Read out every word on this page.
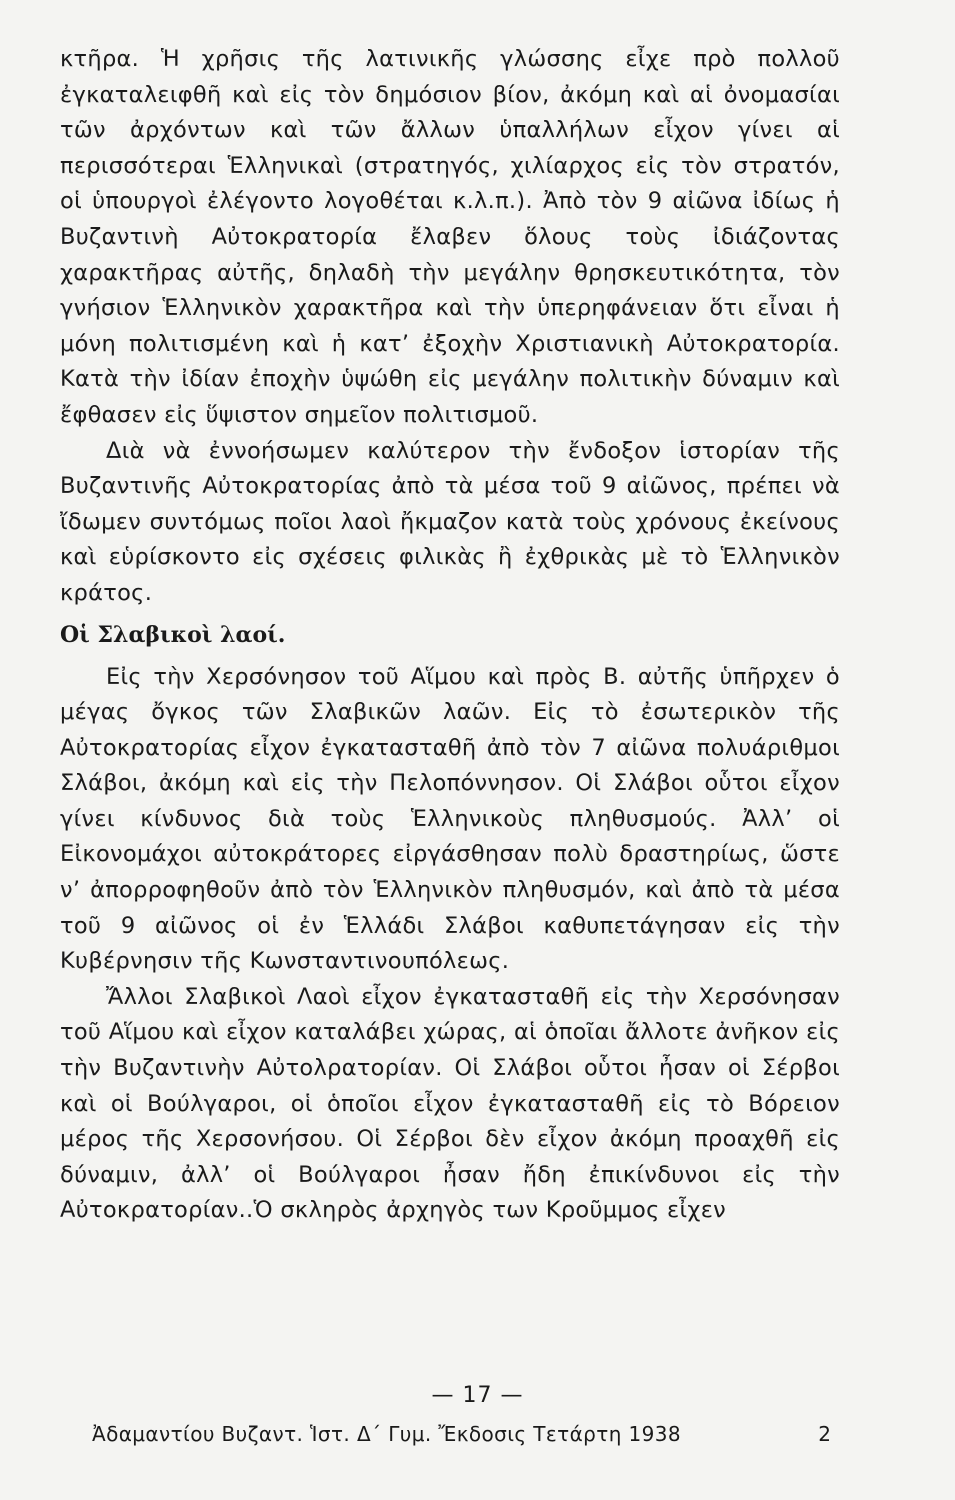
κτῆρα. Ἡ χρῆσις τῆς λατινικῆς γλώσσης εἶχε πρὸ πολλοῦ ἐγκαταλειφθῆ καὶ εἰς τὸν δημόσιον βίον, ἀκόμη καὶ αἱ ὀνομασίαι τῶν ἀρχόντων καὶ τῶν ἄλλων ὑπαλλήλων εἶχον γίνει αἱ περισσότεραι Ἑλληνικαὶ (στρατηγός, χιλίαρχος εἰς τὸν στρατόν, οἱ ὑπουργοὶ ἐλέγοντο λογοθέται κ.λ.π.). Ἀπὸ τὸν 9 αἰῶνα ἰδίως ἡ Βυζαντινὴ Αὐτοκρατορία ἔλαβεν ὅλους τοὺς ἰδιάζοντας χαρακτῆρας αὐτῆς, δηλαδὴ τὴν μεγάλην θρησκευτικότητα, τὸν γνήσιον Ἑλληνικὸν χαρακτῆρα καὶ τὴν ὑπερηφάνειαν ὅτι εἶναι ἡ μόνη πολιτισμένη καὶ ἡ κατ’ ἐξοχὴν Χριστιανικὴ Αὐτοκρατορία. Κατὰ τὴν ἰδίαν ἐποχὴν ὑψώθη εἰς μεγάλην πολιτικὴν δύναμιν καὶ ἔφθασεν εἰς ὕψιστον σημεῖον πολιτισμοῦ.

Διὰ νὰ ἐννοήσωμεν καλύτερον τὴν ἔνδοξον ἱστορίαν τῆς Βυζαντινῆς Αὐτοκρατορίας ἀπὸ τὰ μέσα τοῦ 9 αἰῶνος, πρέπει νὰ ἴδωμεν συντόμως ποῖοι λαοὶ ἤκμαζον κατὰ τοὺς χρόνους ἐκείνους καὶ εὑρίσκοντο εἰς σχέσεις φιλικὰς ἢ ἐχθρικὰς μὲ τὸ Ἑλληνικὸν κράτος.

Οἱ Σλαβικοὶ λαοί.

Εἰς τὴν Χερσόνησον τοῦ Αἵμου καὶ πρὸς Β. αὐτῆς ὑπῆρχεν ὁ μέγας ὄγκος τῶν Σλαβικῶν λαῶν. Εἰς τὸ ἐσωτερικὸν τῆς Αὐτοκρατορίας εἶχον ἐγκατασταθῆ ἀπὸ τὸν 7 αἰῶνα πολυάριθμοι Σλάβοι, ἀκόμη καὶ εἰς τὴν Πελοπόννησον. Οἱ Σλάβοι οὗτοι εἶχον γίνει κίνδυνος διὰ τοὺς Ἑλληνικοὺς πληθυσμούς. Ἀλλ’ οἱ Εἰκονομάχοι αὐτοκράτορες εἰργάσθησαν πολὺ δραστηρίως, ὥστε ν’ ἀπορροφηθοῦν ἀπὸ τὸν Ἑλληνικὸν πληθυσμόν, καὶ ἀπὸ τὰ μέσα τοῦ 9 αἰῶνος οἱ ἐν Ἑλλάδι Σλάβοι καθυπετάγησαν εἰς τὴν Κυβέρνησιν τῆς Κωνσταντινουπόλεως.

Ἄλλοι Σλαβικοὶ Λαοὶ εἶχον ἐγκατασταθῆ εἰς τὴν Χερσόνησαν τοῦ Αἵμου καὶ εἶχον καταλάβει χώρας, αἱ ὁποῖαι ἄλλοτε ἀνῆκον εἰς τὴν Βυζαντινὴν Αὐτολρατορίαν. Οἱ Σλάβοι οὗτοι ἦσαν οἱ Σέρβοι καὶ οἱ Βούλγαροι, οἱ ὁποῖοι εἶχον ἐγκατασταθῆ εἰς τὸ Βόρειον μέρος τῆς Χερσονήσου. Οἱ Σέρβοι δὲν εἶχον ἀκόμη προαχθῆ εἰς δύναμιν, ἀλλ’ οἱ Βούλγαροι ἦσαν ἤδη ἐπικίνδυνοι εἰς τὴν Αὐτοκρατορίαν..Ὁ σκληρὸς ἀρχηγὸς των Κροῦμμος εἶχεν

— 17 —
Ἀδαμαντίου Βυζαντ. Ἱστ. Δ΄ Γυμ. Ἔκδοσις Τετάρτη 1938	2
